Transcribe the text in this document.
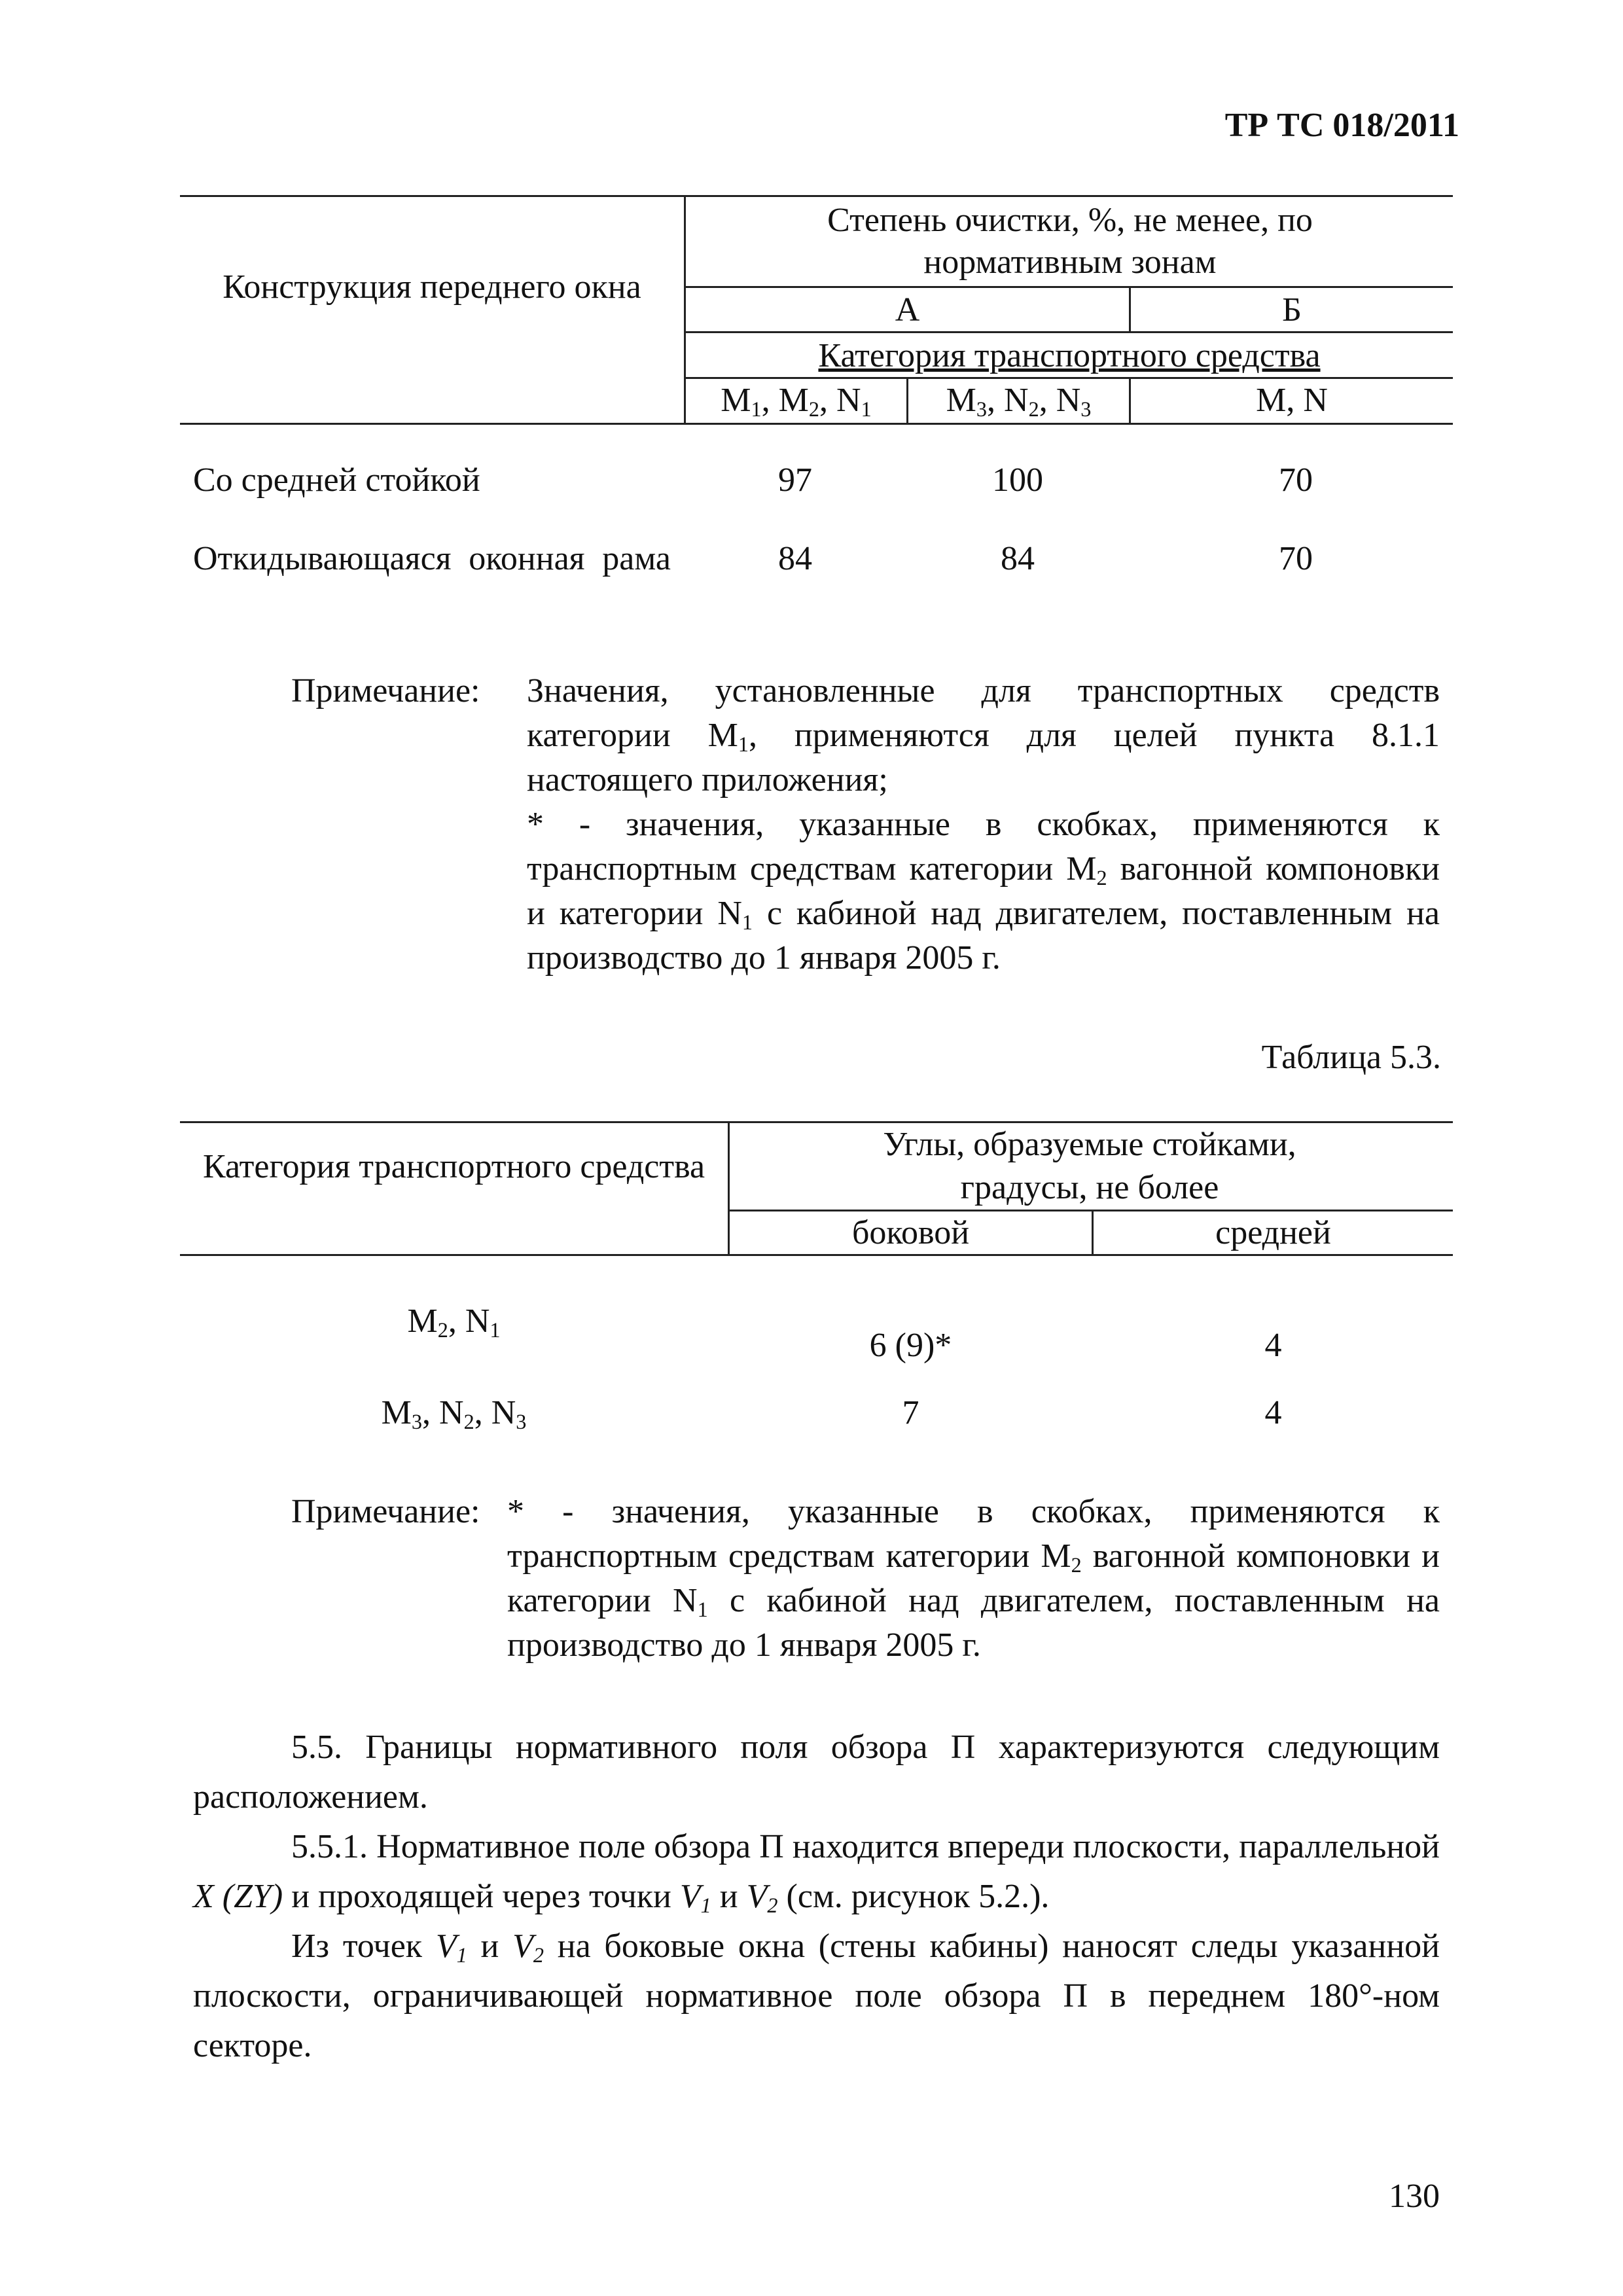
ТР ТС 018/2011
Конструкция переднего окна
Степень очистки, %, не менее, по нормативным зонам
А	Б
Категория транспортного средства
$M_1$, $M_2$, $N_1$	$M_3$, $N_2$, $N_3$	M, N
Со средней стойкой	97	100	70
Откидывающаяся оконная рама	84	84	70
Примечание: Значения, установленные для транспортных средств категории $M_1$, применяются для целей пункта 8.1.1 настоящего приложения;
* - значения, указанные в скобках, применяются к транспортным средствам категории $M_2$ вагонной компоновки и категории $N_1$ с кабиной над двигателем, поставленным на производство до 1 января 2005 г.
Таблица 5.3.
Категория транспортного средства
Углы, образуемые стойками, градусы, не более
боковой	средней
$M_2$, $N_1$	6 (9)*	4
$M_3$, $N_2$, $N_3$	7	4
Примечание: * - значения, указанные в скобках, применяются к транспортным средствам категории $M_2$ вагонной компоновки и категории $N_1$ с кабиной над двигателем, поставленным на производство до 1 января 2005 г.
5.5. Границы нормативного поля обзора П характеризуются следующим расположением.
5.5.1. Нормативное поле обзора П находится впереди плоскости, параллельной X (ZY) и проходящей через точки $V_1$ и $V_2$ (см. рисунок 5.2.).
Из точек $V_1$ и $V_2$ на боковые окна (стены кабины) наносят следы указанной плоскости, ограничивающей нормативное поле обзора П в переднем 180°-ном секторе.
130
